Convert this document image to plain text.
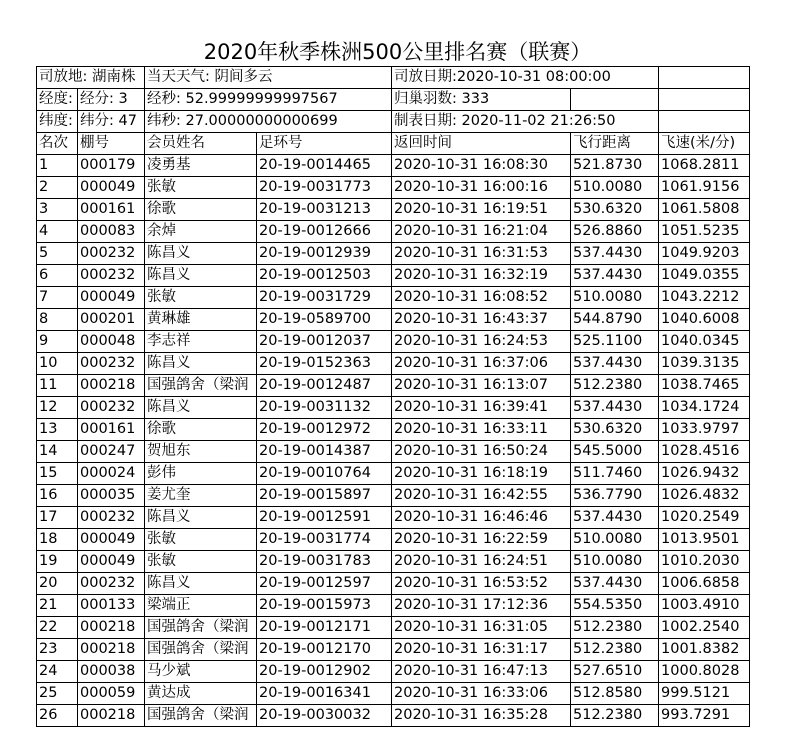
2020年秋季株洲500公里排名赛（联赛）
司放地: 湖南株		当天天气: 阴间多云		司放日期:2020-10-31 08:00:00		
经度:	经分: 3	经秒: 52.99999999997567		归巢羽数: 333		
纬度:	纬分: 47	纬秒: 27.00000000000699		制表日期: 2020-11-02 21:26:50		
名次	棚号	会员姓名	足环号	返回时间	飞行距离	飞速(米/分)
1	000179	凌勇基	20-19-0014465	2020-10-31 16:08:30	521.8730	1068.2811
2	000049	张敏	20-19-0031773	2020-10-31 16:00:16	510.0080	1061.9156
3	000161	徐歌	20-19-0031213	2020-10-31 16:19:51	530.6320	1061.5808
4	000083	余焯	20-19-0012666	2020-10-31 16:21:04	526.8860	1051.5235
5	000232	陈昌义	20-19-0012939	2020-10-31 16:31:53	537.4430	1049.9203
6	000232	陈昌义	20-19-0012503	2020-10-31 16:32:19	537.4430	1049.0355
7	000049	张敏	20-19-0031729	2020-10-31 16:08:52	510.0080	1043.2212
8	000201	黄琳雄	20-19-0589700	2020-10-31 16:43:37	544.8790	1040.6008
9	000048	李志祥	20-19-0012037	2020-10-31 16:24:53	525.1100	1040.0345
10	000232	陈昌义	20-19-0152363	2020-10-31 16:37:06	537.4430	1039.3135
11	000218	国强鸽舍（梁润	20-19-0012487	2020-10-31 16:13:07	512.2380	1038.7465
12	000232	陈昌义	20-19-0031132	2020-10-31 16:39:41	537.4430	1034.1724
13	000161	徐歌	20-19-0012972	2020-10-31 16:33:11	530.6320	1033.9797
14	000247	贺旭东	20-19-0014387	2020-10-31 16:50:24	545.5000	1028.4516
15	000024	彭伟	20-19-0010764	2020-10-31 16:18:19	511.7460	1026.9432
16	000035	姜尤奎	20-19-0015897	2020-10-31 16:42:55	536.7790	1026.4832
17	000232	陈昌义	20-19-0012591	2020-10-31 16:46:46	537.4430	1020.2549
18	000049	张敏	20-19-0031774	2020-10-31 16:22:59	510.0080	1013.9501
19	000049	张敏	20-19-0031783	2020-10-31 16:24:51	510.0080	1010.2030
20	000232	陈昌义	20-19-0012597	2020-10-31 16:53:52	537.4430	1006.6858
21	000133	梁端正	20-19-0015973	2020-10-31 17:12:36	554.5350	1003.4910
22	000218	国强鸽舍（梁润	20-19-0012171	2020-10-31 16:31:05	512.2380	1002.2540
23	000218	国强鸽舍（梁润	20-19-0012170	2020-10-31 16:31:17	512.2380	1001.8382
24	000038	马少斌	20-19-0012902	2020-10-31 16:47:13	527.6510	1000.8028
25	000059	黄达成	20-19-0016341	2020-10-31 16:33:06	512.8580	999.5121
26	000218	国强鸽舍（梁润	20-19-0030032	2020-10-31 16:35:28	512.2380	993.7291
